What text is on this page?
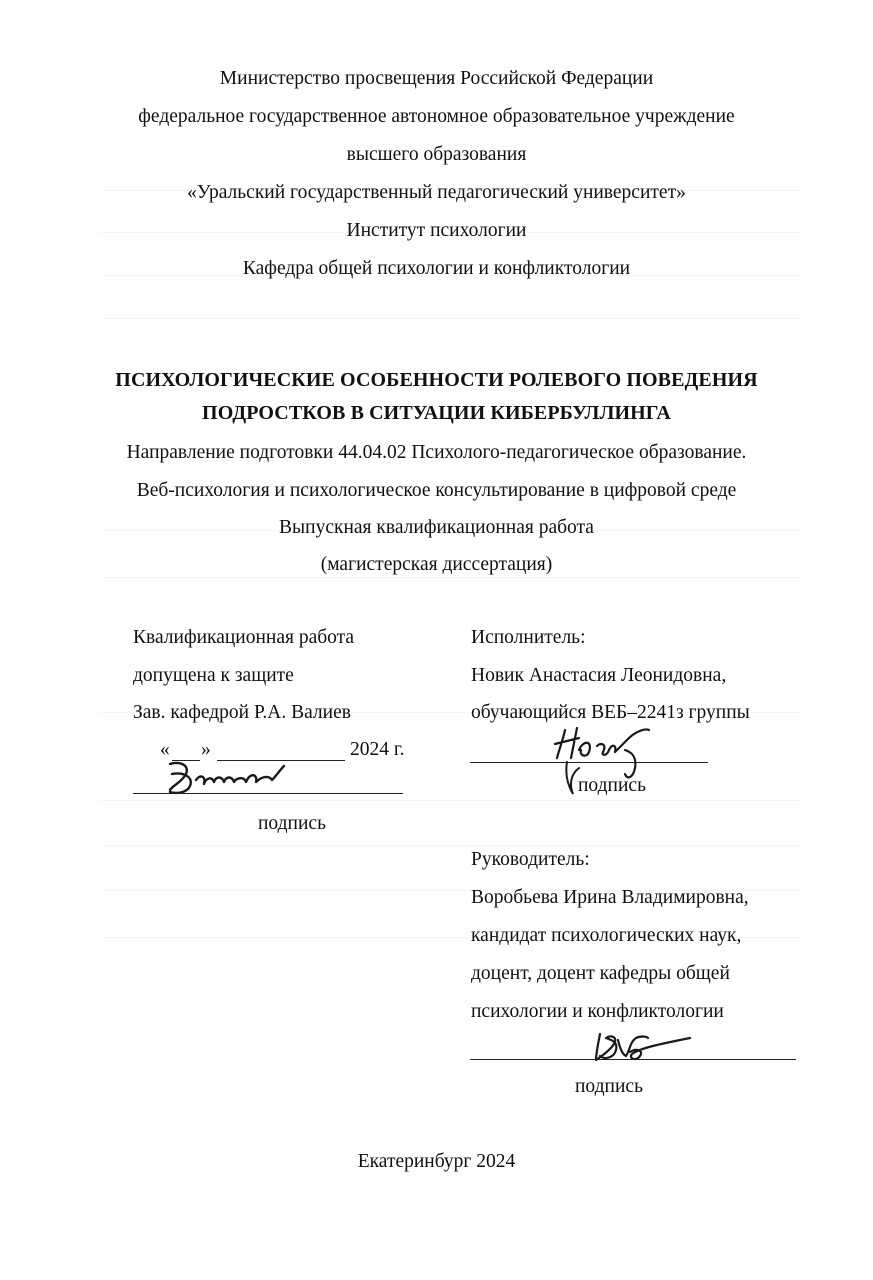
Министерство просвещения Российской Федерации
федеральное государственное автономное образовательное учреждение
высшего образования
«Уральский государственный педагогический университет»
Институт психологии
Кафедра общей психологии и конфликтологии
ПСИХОЛОГИЧЕСКИЕ ОСОБЕННОСТИ РОЛЕВОГО ПОВЕДЕНИЯ
ПОДРОСТКОВ В СИТУАЦИИ КИБЕРБУЛЛИНГА
Направление подготовки 44.04.02 Психолого-педагогическое образование.
Веб-психология и психологическое консультирование в цифровой среде
Выпускная квалификационная работа
(магистерская диссертация)
Квалификационная работа
допущена к защите
Зав. кафедрой Р.А. Валиев
« »	2024 г.
подпись
Исполнитель:
Новик Анастасия Леонидовна,
обучающийся ВЕБ–2241з группы
подпись
Руководитель:
Воробьева Ирина Владимировна,
кандидат психологических наук,
доцент, доцент кафедры общей
психологии и конфликтологии
подпись
Екатеринбург 2024
